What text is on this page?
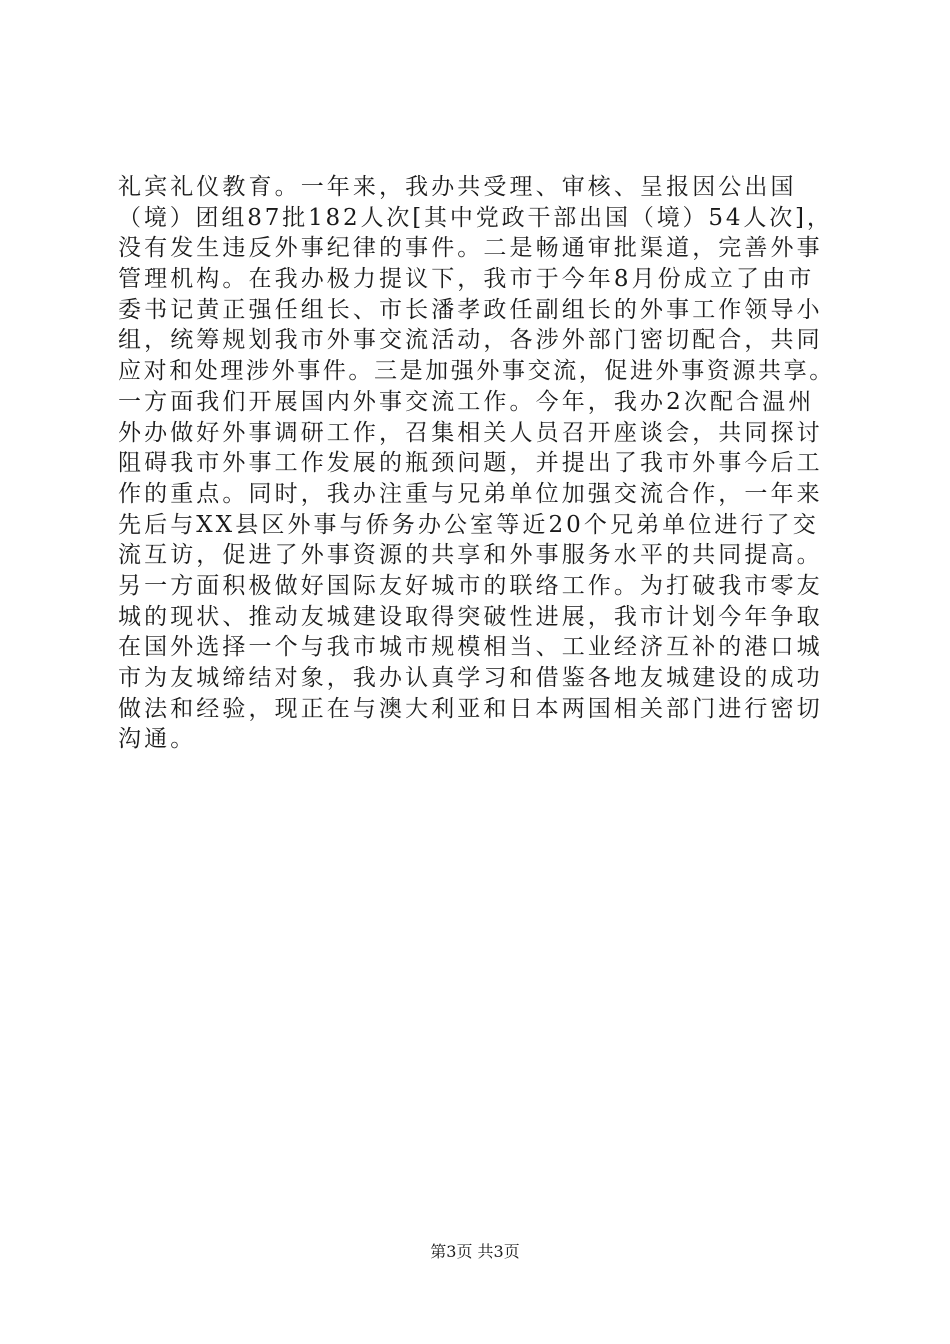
礼宾礼仪教育。一年来，我办共受理、审核、呈报因公出国
（境）团组87批182人次[其中党政干部出国（境）54人次]，
没有发生违反外事纪律的事件。二是畅通审批渠道，完善外事
管理机构。在我办极力提议下，我市于今年8月份成立了由市
委书记黄正强任组长、市长潘孝政任副组长的外事工作领导小
组，统筹规划我市外事交流活动，各涉外部门密切配合，共同
应对和处理涉外事件。三是加强外事交流，促进外事资源共享。
一方面我们开展国内外事交流工作。今年，我办2次配合温州
外办做好外事调研工作，召集相关人员召开座谈会，共同探讨
阻碍我市外事工作发展的瓶颈问题，并提出了我市外事今后工
作的重点。同时，我办注重与兄弟单位加强交流合作，一年来
先后与XX县区外事与侨务办公室等近20个兄弟单位进行了交
流互访，促进了外事资源的共享和外事服务水平的共同提高。
另一方面积极做好国际友好城市的联络工作。为打破我市零友
城的现状、推动友城建设取得突破性进展，我市计划今年争取
在国外选择一个与我市城市规模相当、工业经济互补的港口城
市为友城缔结对象，我办认真学习和借鉴各地友城建设的成功
做法和经验，现正在与澳大利亚和日本两国相关部门进行密切
沟通。
第3页 共3页
